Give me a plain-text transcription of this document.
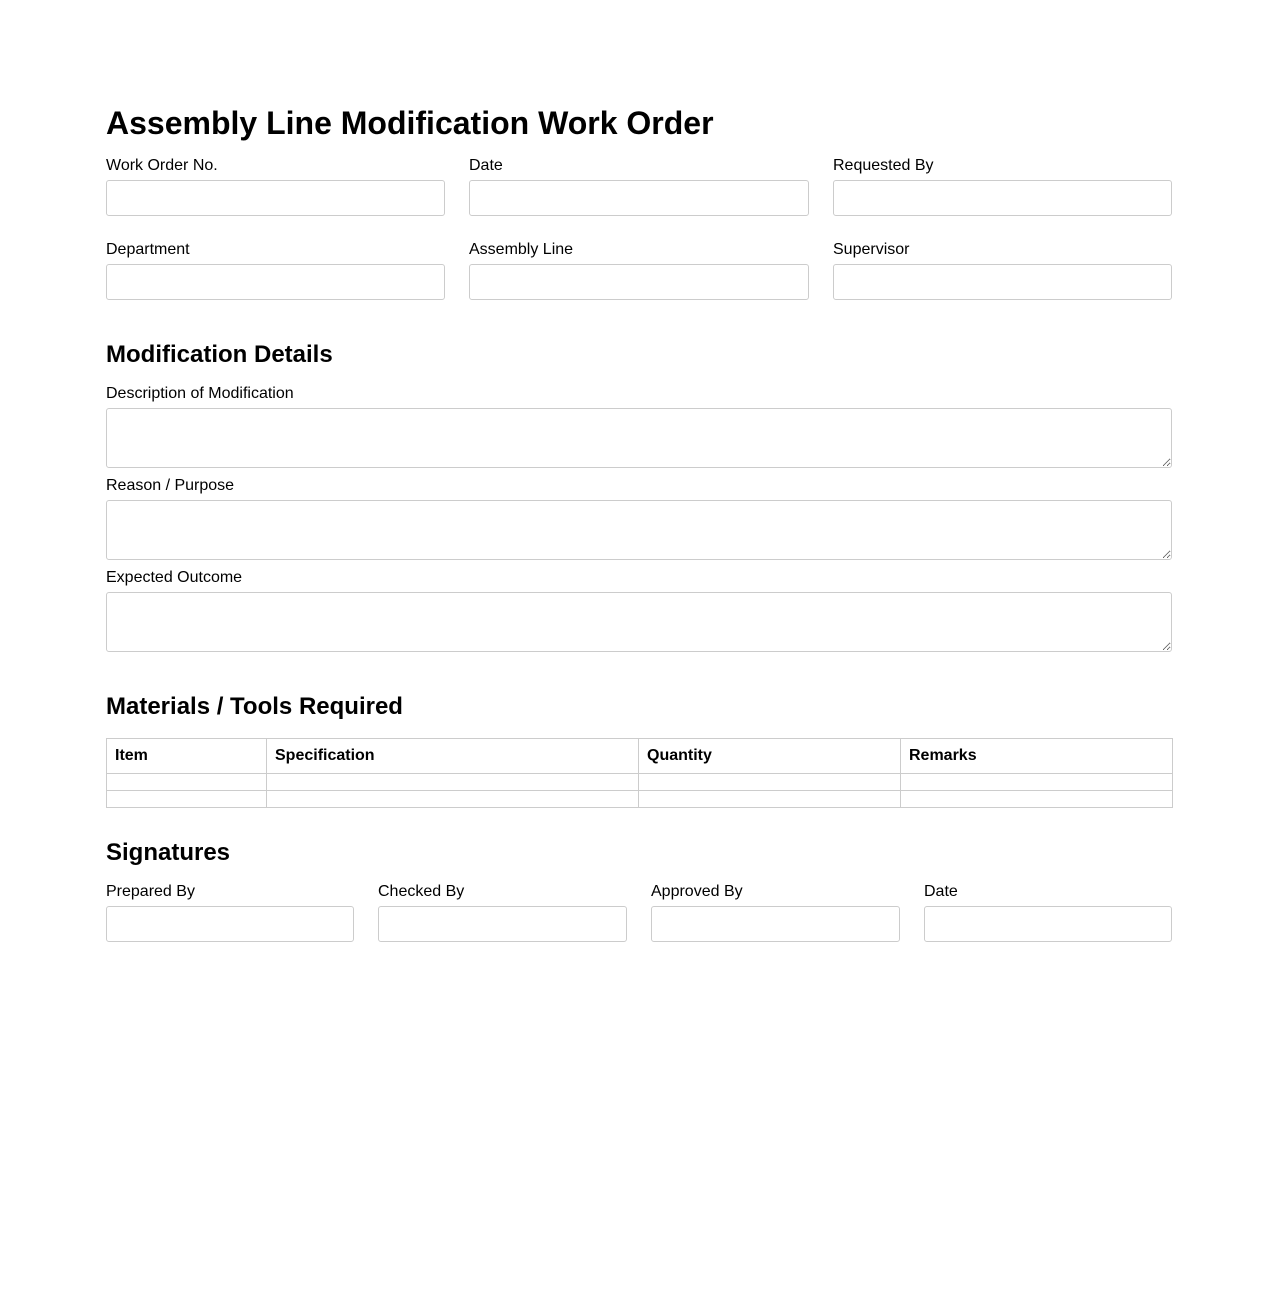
Assembly Line Modification Work Order
Work Order No.	Date	Requested By
Department	Assembly Line	Supervisor
Modification Details
Description of Modification
Reason / Purpose
Expected Outcome
Materials / Tools Required
Item	Specification	Quantity	Remarks

Signatures
Prepared By	Checked By	Approved By	Date
